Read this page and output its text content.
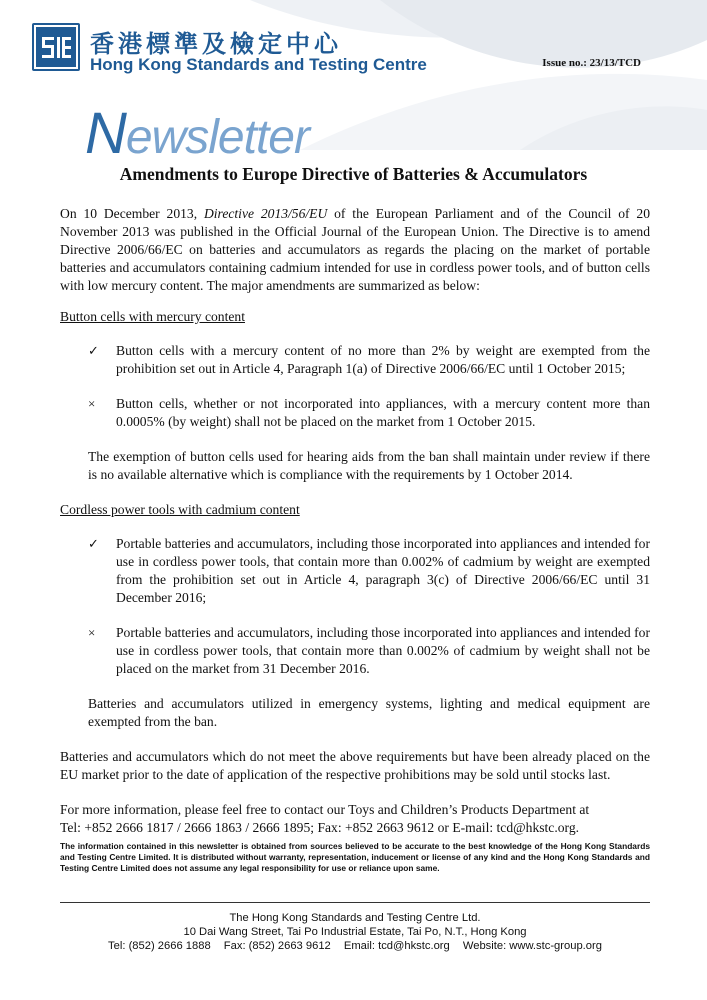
香港標準及檢定中心
Hong Kong Standards and Testing Centre	Issue no.: 23/13/TCD
Newsletter
Amendments to Europe Directive of Batteries & Accumulators

On 10 December 2013, Directive 2013/56/EU of the European Parliament and of the Council of 20 November 2013 was published in the Official Journal of the European Union. The Directive is to amend Directive 2006/66/EC on batteries and accumulators as regards the placing on the market of portable batteries and accumulators containing cadmium intended for use in cordless power tools, and of button cells with low mercury content. The major amendments are summarized as below:

Button cells with mercury content

✓ Button cells with a mercury content of no more than 2% by weight are exempted from the prohibition set out in Article 4, Paragraph 1(a) of Directive 2006/66/EC until 1 October 2015;
× Button cells, whether or not incorporated into appliances, with a mercury content more than 0.0005% (by weight) shall not be placed on the market from 1 October 2015.

The exemption of button cells used for hearing aids from the ban shall maintain under review if there is no available alternative which is compliance with the requirements by 1 October 2014.

Cordless power tools with cadmium content

✓ Portable batteries and accumulators, including those incorporated into appliances and intended for use in cordless power tools, that contain more than 0.002% of cadmium by weight are exempted from the prohibition set out in Article 4, paragraph 3(c) of Directive 2006/66/EC until 31 December 2016;
× Portable batteries and accumulators, including those incorporated into appliances and intended for use in cordless power tools, that contain more than 0.002% of cadmium by weight shall not be placed on the market from 31 December 2016.

Batteries and accumulators utilized in emergency systems, lighting and medical equipment are exempted from the ban.

Batteries and accumulators which do not meet the above requirements but have been already placed on the EU market prior to the date of application of the respective prohibitions may be sold until stocks last.

For more information, please feel free to contact our Toys and Children’s Products Department at

Tel: +852 2666 1817 / 2666 1863 / 2666 1895; Fax: +852 2663 9612 or E-mail: tcd@hkstc.org.

The information contained in this newsletter is obtained from sources believed to be accurate to the best knowledge of the Hong Kong Standards and Testing Centre Limited. It is distributed without warranty, representation, inducement or license of any kind and the Hong Kong Standards and Testing Centre Limited does not assume any legal responsibility for use or reliance upon same.
The Hong Kong Standards and Testing Centre Ltd.
10 Dai Wang Street, Tai Po Industrial Estate, Tai Po, N.T., Hong Kong
Tel: (852) 2666 1888 Fax: (852) 2663 9612 Email: tcd@hkstc.org Website: www.stc-group.org
